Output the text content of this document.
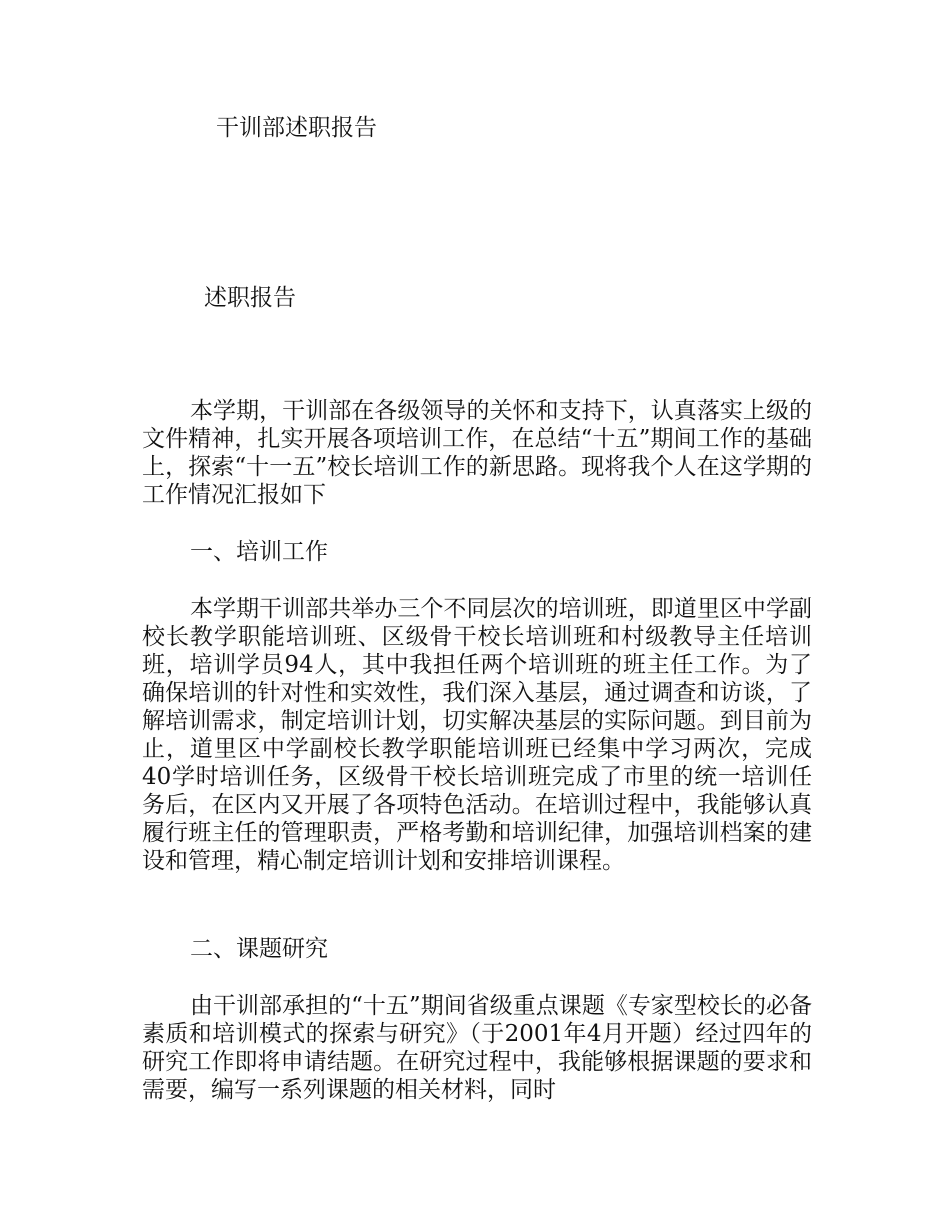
干训部述职报告
述职报告

本学期，干训部在各级领导的关怀和支持下，认真落实上级的文件精神，扎实开展各项培训工作，在总结“十五”期间工作的基础上，探索“十一五”校长培训工作的新思路。现将我个人在这学期的工作情况汇报如下

一、培训工作

本学期干训部共举办三个不同层次的培训班，即道里区中学副校长教学职能培训班、区级骨干校长培训班和村级教导主任培训班，培训学员94人，其中我担任两个培训班的班主任工作。为了确保培训的针对性和实效性，我们深入基层，通过调查和访谈，了解培训需求，制定培训计划，切实解决基层的实际问题。到目前为止，道里区中学副校长教学职能培训班已经集中学习两次，完成40学时培训任务，区级骨干校长培训班完成了市里的统一培训任务后，在区内又开展了各项特色活动。在培训过程中，我能够认真履行班主任的管理职责，严格考勤和培训纪律，加强培训档案的建设和管理，精心制定培训计划和安排培训课程。

二、课题研究

由干训部承担的“十五”期间省级重点课题《专家型校长的必备素质和培训模式的探索与研究》（于2001年4月开题）经过四年的研究工作即将申请结题。在研究过程中，我能够根据课题的要求和需要，编写一系列课题的相关材料，同时
